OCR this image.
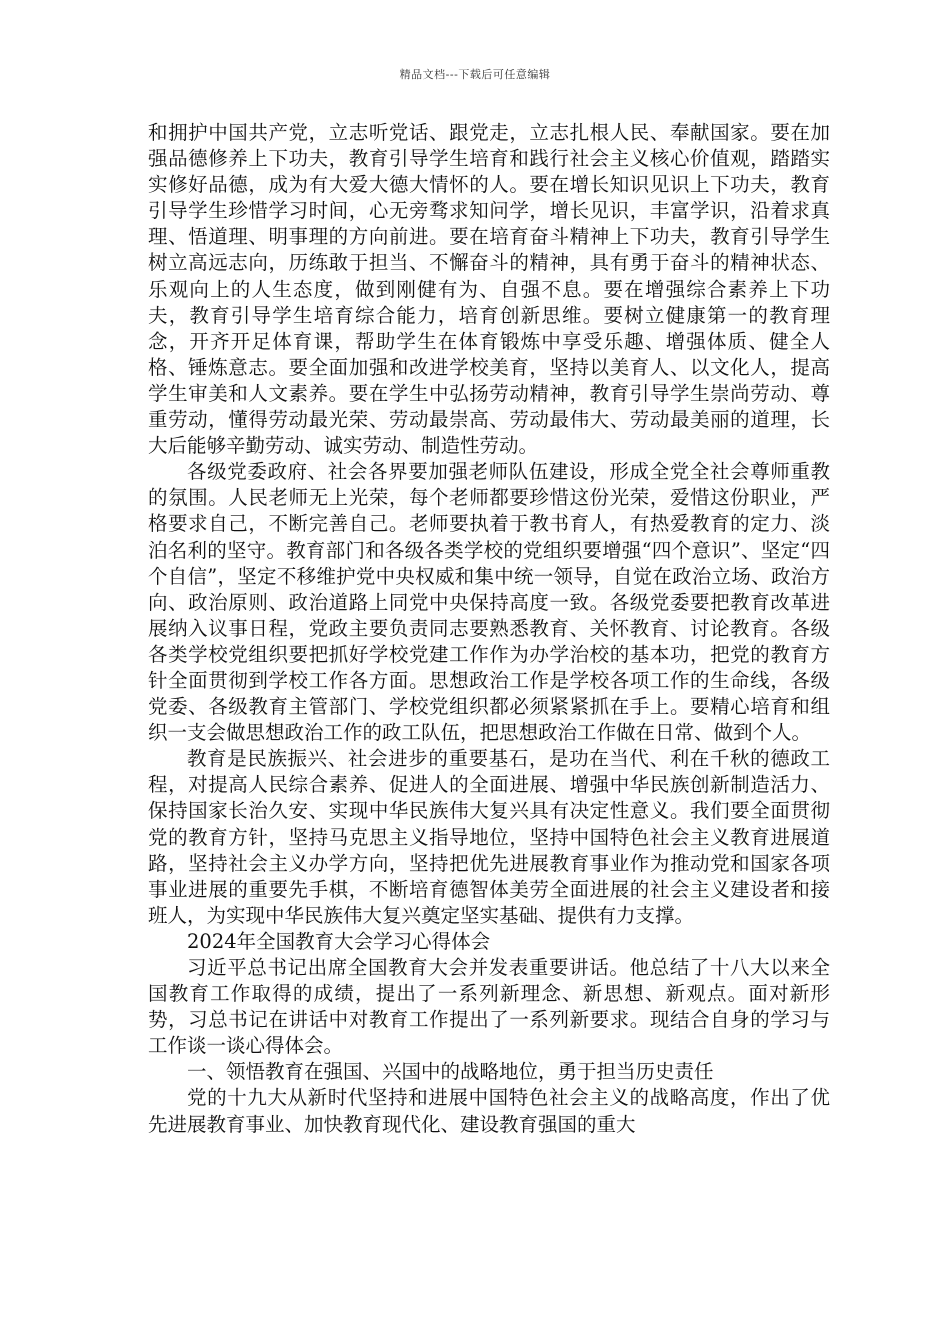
精品文档---下载后可任意编辑

和拥护中国共产党，立志听党话、跟党走，立志扎根人民、奉献国家。要在加强品德修养上下功夫，教育引导学生培育和践行社会主义核心价值观，踏踏实实修好品德，成为有大爱大德大情怀的人。要在增长知识见识上下功夫，教育引导学生珍惜学习时间，心无旁骛求知问学，增长见识，丰富学识，沿着求真理、悟道理、明事理的方向前进。要在培育奋斗精神上下功夫，教育引导学生树立高远志向，历练敢于担当、不懈奋斗的精神，具有勇于奋斗的精神状态、乐观向上的人生态度，做到刚健有为、自强不息。要在增强综合素养上下功夫，教育引导学生培育综合能力，培育创新思维。要树立健康第一的教育理念，开齐开足体育课，帮助学生在体育锻炼中享受乐趣、增强体质、健全人格、锤炼意志。要全面加强和改进学校美育，坚持以美育人、以文化人，提高学生审美和人文素养。要在学生中弘扬劳动精神，教育引导学生崇尚劳动、尊重劳动，懂得劳动最光荣、劳动最崇高、劳动最伟大、劳动最美丽的道理，长大后能够辛勤劳动、诚实劳动、制造性劳动。

各级党委政府、社会各界要加强老师队伍建设，形成全党全社会尊师重教的氛围。人民老师无上光荣，每个老师都要珍惜这份光荣，爱惜这份职业，严格要求自己，不断完善自己。老师要执着于教书育人，有热爱教育的定力、淡泊名利的坚守。教育部门和各级各类学校的党组织要增强“四个意识”、坚定“四个自信”，坚定不移维护党中央权威和集中统一领导，自觉在政治立场、政治方向、政治原则、政治道路上同党中央保持高度一致。各级党委要把教育改革进展纳入议事日程，党政主要负责同志要熟悉教育、关怀教育、讨论教育。各级各类学校党组织要把抓好学校党建工作作为办学治校的基本功，把党的教育方针全面贯彻到学校工作各方面。思想政治工作是学校各项工作的生命线，各级党委、各级教育主管部门、学校党组织都必须紧紧抓在手上。要精心培育和组织一支会做思想政治工作的政工队伍，把思想政治工作做在日常、做到个人。

教育是民族振兴、社会进步的重要基石，是功在当代、利在千秋的德政工程，对提高人民综合素养、促进人的全面进展、增强中华民族创新制造活力、保持国家长治久安、实现中华民族伟大复兴具有决定性意义。我们要全面贯彻党的教育方针，坚持马克思主义指导地位，坚持中国特色社会主义教育进展道路，坚持社会主义办学方向，坚持把优先进展教育事业作为推动党和国家各项事业进展的重要先手棋，不断培育德智体美劳全面进展的社会主义建设者和接班人，为实现中华民族伟大复兴奠定坚实基础、提供有力支撑。

2024年全国教育大会学习心得体会

习近平总书记出席全国教育大会并发表重要讲话。他总结了十八大以来全国教育工作取得的成绩，提出了一系列新理念、新思想、新观点。面对新形势，习总书记在讲话中对教育工作提出了一系列新要求。现结合自身的学习与工作谈一谈心得体会。

一、领悟教育在强国、兴国中的战略地位，勇于担当历史责任

党的十九大从新时代坚持和进展中国特色社会主义的战略高度，作出了优先进展教育事业、加快教育现代化、建设教育强国的重大
